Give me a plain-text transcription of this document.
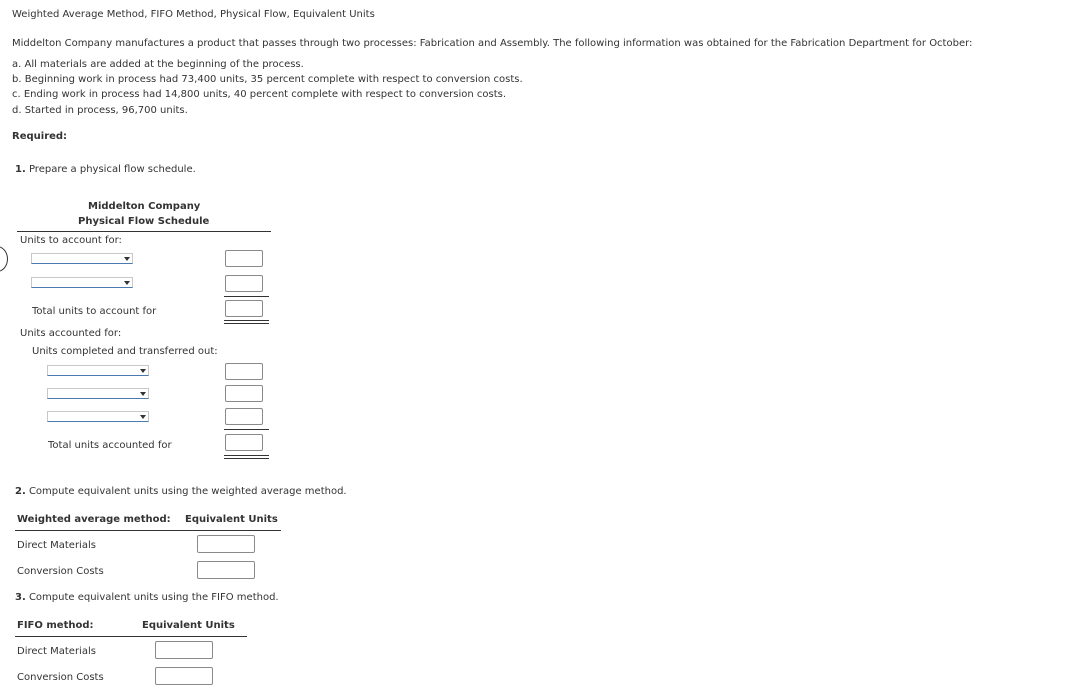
Weighted Average Method, FIFO Method, Physical Flow, Equivalent Units
Middelton Company manufactures a product that passes through two processes: Fabrication and Assembly. The following information was obtained for the Fabrication Department for October:
a. All materials are added at the beginning of the process.
b. Beginning work in process had 73,400 units, 35 percent complete with respect to conversion costs.
c. Ending work in process had 14,800 units, 40 percent complete with respect to conversion costs.
d. Started in process, 96,700 units.
Required:
1. Prepare a physical flow schedule.
Middelton Company
Physical Flow Schedule
Units to account for:
Total units to account for
Units accounted for:
Units completed and transferred out:
Total units accounted for
2. Compute equivalent units using the weighted average method.
Weighted average method: Equivalent Units
Direct Materials
Conversion Costs
3. Compute equivalent units using the FIFO method.
FIFO method:	Equivalent Units
Direct Materials
Conversion Costs
